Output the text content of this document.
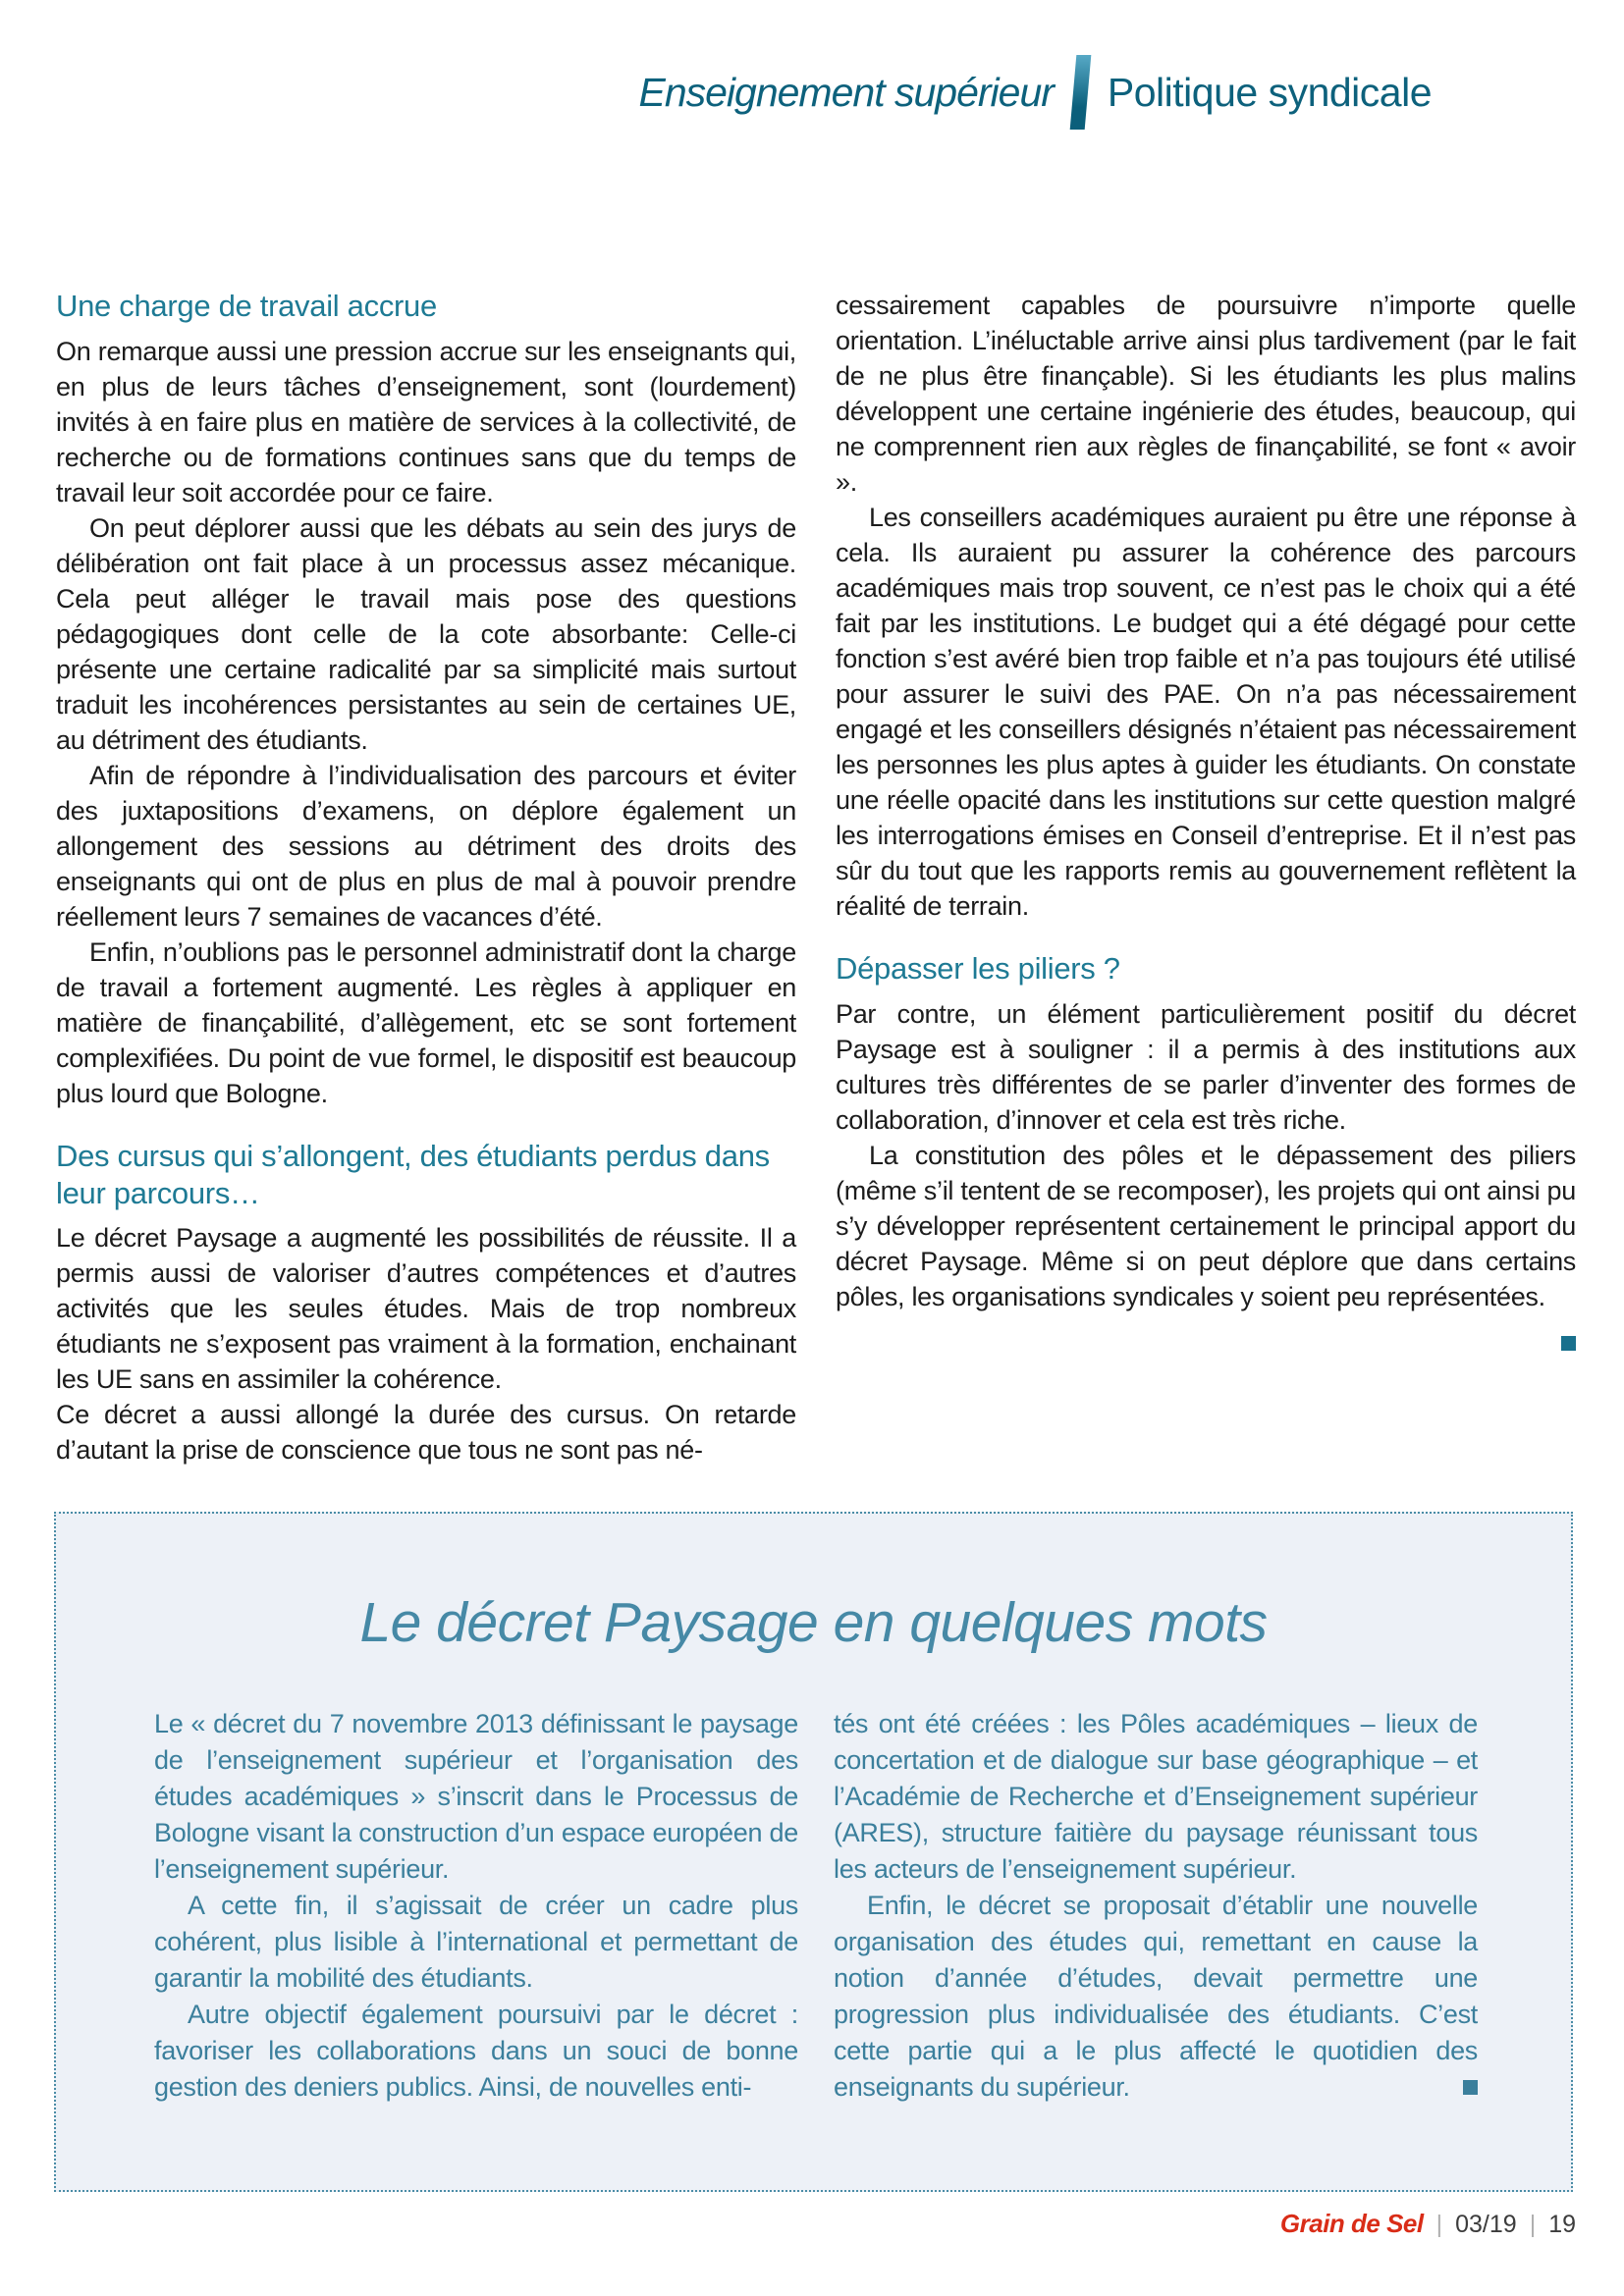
Enseignement supérieur Politique syndicale
Une charge de travail accrue

On remarque aussi une pression accrue sur les enseignants qui, en plus de leurs tâches d’enseignement, sont (lourdement) invités à en faire plus en matière de services à la collectivité, de recherche ou de formations continues sans que du temps de travail leur soit accordée pour ce faire.

On peut déplorer aussi que les débats au sein des jurys de délibération ont fait place à un processus assez mécanique. Cela peut alléger le travail mais pose des questions pédagogiques dont celle de la cote absorbante: Celle-ci présente une certaine radicalité par sa simplicité mais surtout traduit les incohérences persistantes au sein de certaines UE, au détriment des étudiants.

Afin de répondre à l’individualisation des parcours et éviter des juxtapositions d’examens, on déplore également un allongement des sessions au détriment des droits des enseignants qui ont de plus en plus de mal à pouvoir prendre réellement leurs 7 semaines de vacances d’été.

Enfin, n’oublions pas le personnel administratif dont la charge de travail a fortement augmenté. Les règles à appliquer en matière de finançabilité, d’allègement, etc se sont fortement complexifiées. Du point de vue formel, le dispositif est beaucoup plus lourd que Bologne.

Des cursus qui s’allongent, des étudiants perdus dans leur parcours…

Le décret Paysage a augmenté les possibilités de réussite. Il a permis aussi de valoriser d’autres compétences et d’autres activités que les seules études. Mais de trop nombreux étudiants ne s’exposent pas vraiment à la formation, enchainant les UE sans en assimiler la cohérence.

Ce décret a aussi allongé la durée des cursus. On retarde d’autant la prise de conscience que tous ne sont pas né-

cessairement capables de poursuivre n’importe quelle orientation. L’inéluctable arrive ainsi plus tardivement (par le fait de ne plus être finançable). Si les étudiants les plus malins développent une certaine ingénierie des études, beaucoup, qui ne comprennent rien aux règles de finançabilité, se font « avoir ».

Les conseillers académiques auraient pu être une réponse à cela. Ils auraient pu assurer la cohérence des parcours académiques mais trop souvent, ce n’est pas le choix qui a été fait par les institutions. Le budget qui a été dégagé pour cette fonction s’est avéré bien trop faible et n’a pas toujours été utilisé pour assurer le suivi des PAE. On n’a pas nécessairement engagé et les conseillers désignés n’étaient pas nécessairement les personnes les plus aptes à guider les étudiants. On constate une réelle opacité dans les institutions sur cette question malgré les interrogations émises en Conseil d’entreprise. Et il n’est pas sûr du tout que les rapports remis au gouvernement reflètent la réalité de terrain.

Dépasser les piliers ?

Par contre, un élément particulièrement positif du décret Paysage est à souligner : il a permis à des institutions aux cultures très différentes de se parler d’inventer des formes de collaboration, d’innover et cela est très riche.

La constitution des pôles et le dépassement des piliers (même s’il tentent de se recomposer), les projets qui ont ainsi pu s’y développer représentent certainement le principal apport du décret Paysage. Même si on peut déplore que dans certains pôles, les organisations syndicales y soient peu représentées.

Le décret Paysage en quelques mots

Le « décret du 7 novembre 2013 définissant le paysage de l’enseignement supérieur et l’organisation des études académiques » s’inscrit dans le Processus de Bologne visant la construction d’un espace européen de l’enseignement supérieur.

A cette fin, il s’agissait de créer un cadre plus cohérent, plus lisible à l’international et permettant de garantir la mobilité des étudiants.

Autre objectif également poursuivi par le décret : favoriser les collaborations dans un souci de bonne gestion des deniers publics. Ainsi, de nouvelles enti-

tés ont été créées : les Pôles académiques – lieux de concertation et de dialogue sur base géographique – et l’Académie de Recherche et d’Enseignement supérieur (ARES), structure faitière du paysage réunissant tous les acteurs de l’enseignement supérieur.

Enfin, le décret se proposait d’établir une nouvelle organisation des études qui, remettant en cause la notion d’année d’études, devait permettre une progression plus individualisée des étudiants. C’est cette partie qui a le plus affecté le quotidien des enseignants du supérieur.

Grain de Sel | 03/19 | 19
